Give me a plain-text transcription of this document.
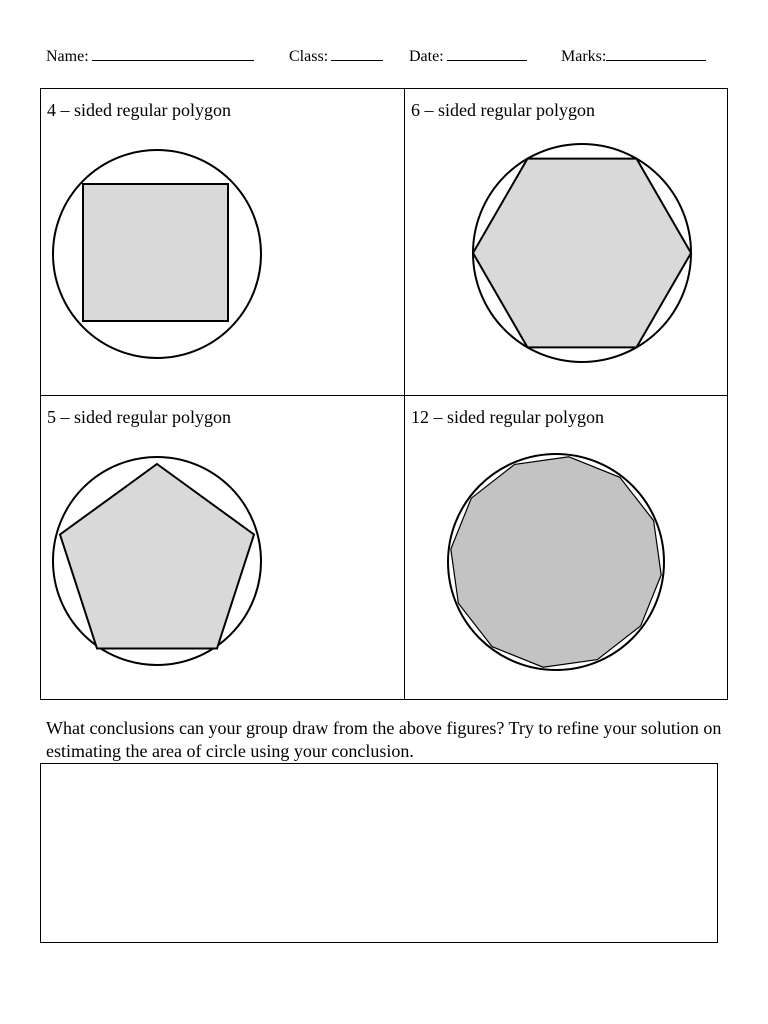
Name:	Class:	Date:	Marks:
4 – sided regular polygon	6 – sided regular polygon
5 – sided regular polygon	12 – sided regular polygon
What conclusions can your group draw from the above figures? Try to refine your solution on estimating the area of circle using your conclusion.
